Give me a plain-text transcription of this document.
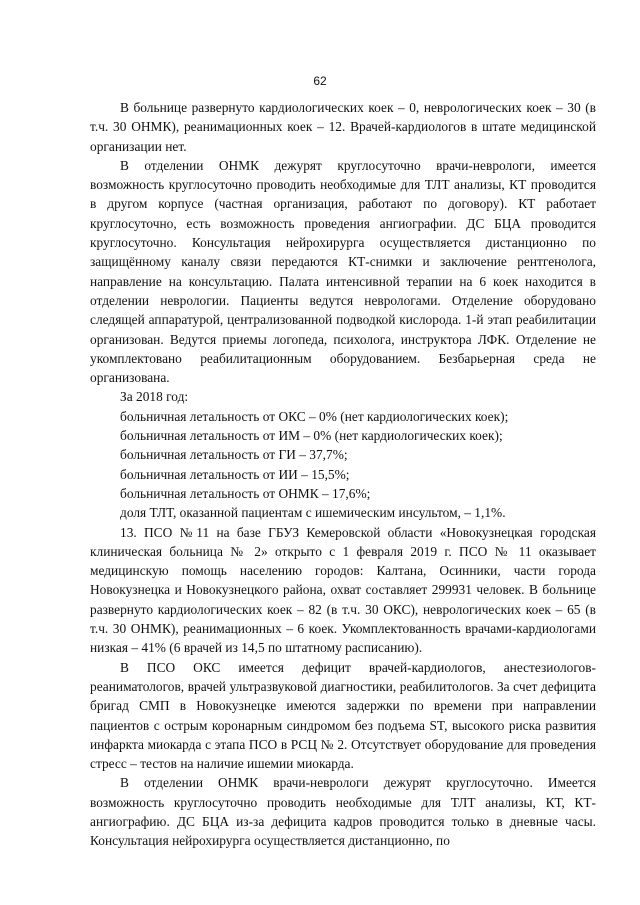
62

В больнице развернуто кардиологических коек – 0, неврологических коек – 30 (в т.ч. 30 ОНМК), реанимационных коек – 12. Врачей-кардиологов в штате медицинской организации нет.

В отделении ОНМК дежурят круглосуточно врачи-неврологи, имеется возможность круглосуточно проводить необходимые для ТЛТ анализы, КТ проводится в другом корпусе (частная организация, работают по договору). КТ работает круглосуточно, есть возможность проведения ангиографии. ДС БЦА проводится круглосуточно. Консультация нейрохирурга осуществляется дистанционно по защищённому каналу связи передаются КТ-снимки и заключение рентгенолога, направление на консультацию. Палата интенсивной терапии на 6 коек находится в отделении неврологии. Пациенты ведутся неврологами. Отделение оборудовано следящей аппаратурой, централизованной подводкой кислорода. 1-й этап реабилитации организован. Ведутся приемы логопеда, психолога, инструктора ЛФК. Отделение не укомплектовано реабилитационным оборудованием. Безбарьерная среда не организована.

За 2018 год:

больничная летальность от ОКС – 0% (нет кардиологических коек);

больничная летальность от ИМ – 0% (нет кардиологических коек);

больничная летальность от ГИ – 37,7%;

больничная летальность от ИИ – 15,5%;

больничная летальность от ОНМК – 17,6%;

доля ТЛТ, оказанной пациентам с ишемическим инсультом, – 1,1%.

13. ПСО №11 на базе ГБУЗ Кемеровской области «Новокузнецкая городская клиническая больница № 2» открыто с 1 февраля 2019 г. ПСО № 11 оказывает медицинскую помощь населению городов: Калтана, Осинники, части города Новокузнецка и Новокузнецкого района, охват составляет 299931 человек. В больнице развернуто кардиологических коек – 82 (в т.ч. 30 ОКС), неврологических коек – 65 (в т.ч. 30 ОНМК), реанимационных – 6 коек. Укомплектованность врачами-кардиологами низкая – 41% (6 врачей из 14,5 по штатному расписанию).

В ПСО ОКС имеется дефицит врачей-кардиологов, анестезиологов-реаниматологов, врачей ультразвуковой диагностики, реабилитологов. За счет дефицита бригад СМП в Новокузнецке имеются задержки по времени при направлении пациентов с острым коронарным синдромом без подъема ST, высокого риска развития инфаркта миокарда с этапа ПСО в РСЦ № 2. Отсутствует оборудование для проведения стресс – тестов на наличие ишемии миокарда.

В отделении ОНМК врачи-неврологи дежурят круглосуточно. Имеется возможность круглосуточно проводить необходимые для ТЛТ анализы, КТ, КТ-ангиографию. ДС БЦА из-за дефицита кадров проводится только в дневные часы. Консультация нейрохирурга осуществляется дистанционно, по
